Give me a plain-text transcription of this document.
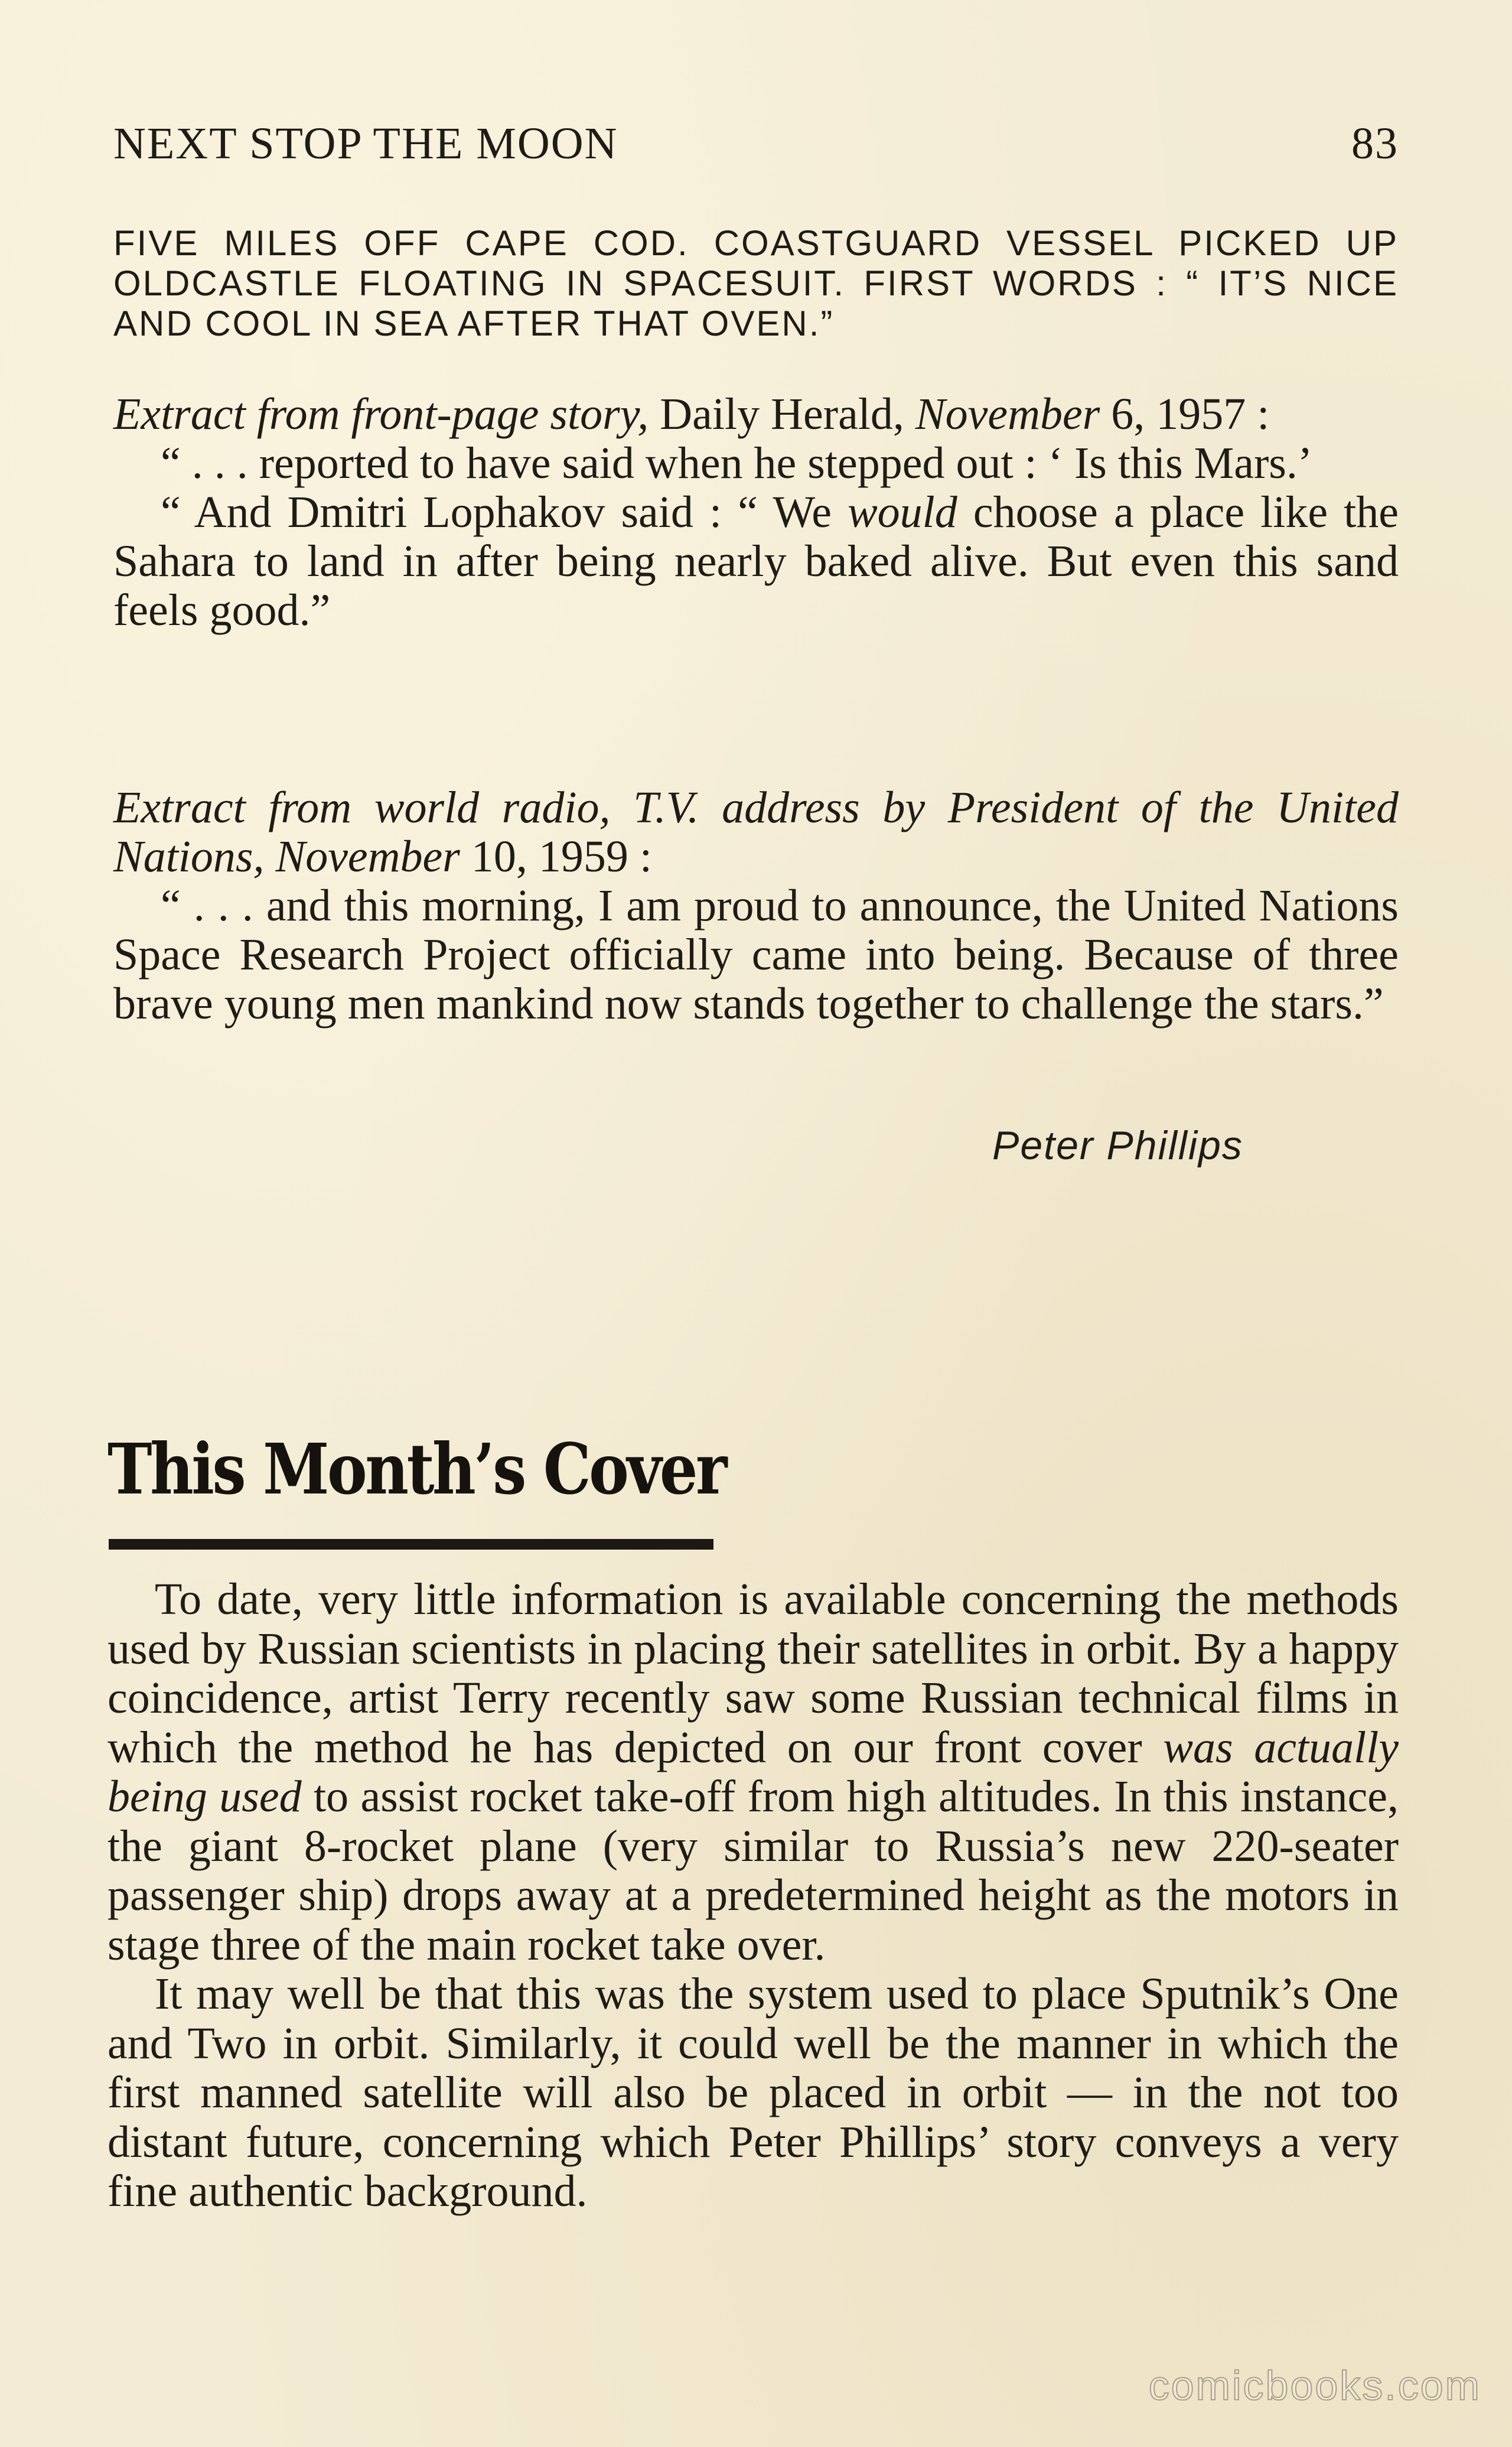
NEXT STOP THE MOON	83

FIVE MILES OFF CAPE COD. COASTGUARD VESSEL PICKED UP OLDCASTLE FLOATING IN SPACESUIT. FIRST WORDS : “ IT’S NICE AND COOL IN SEA AFTER THAT OVEN.”

Extract from front-page story, Daily Herald, November 6, 1957 :

“ . . . reported to have said when he stepped out : ‘ Is this Mars.’

“ And Dmitri Lophakov said : “ We would choose a place like the Sahara to land in after being nearly baked alive. But even this sand feels good.”

Extract from world radio, T.V. address by President of the United Nations, November 10, 1959 :

“ . . . and this morning, I am proud to announce, the United Nations Space Research Project officially came into being. Because of three brave young men mankind now stands together to challenge the stars.”

Peter Phillips
This Month’s Cover

To date, very little information is available concerning the methods used by Russian scientists in placing their satellites in orbit. By a happy coincidence, artist Terry recently saw some Russian technical films in which the method he has depicted on our front cover was actually being used to assist rocket take-off from high altitudes. In this instance, the giant 8-rocket plane (very similar to Russia’s new 220-seater passenger ship) drops away at a predetermined height as the motors in stage three of the main rocket take over.

It may well be that this was the system used to place Sputnik’s One and Two in orbit. Similarly, it could well be the manner in which the first manned satellite will also be placed in orbit — in the not too distant future, concerning which Peter Phillips’ story conveys a very fine authentic background.

comicbooks.com
